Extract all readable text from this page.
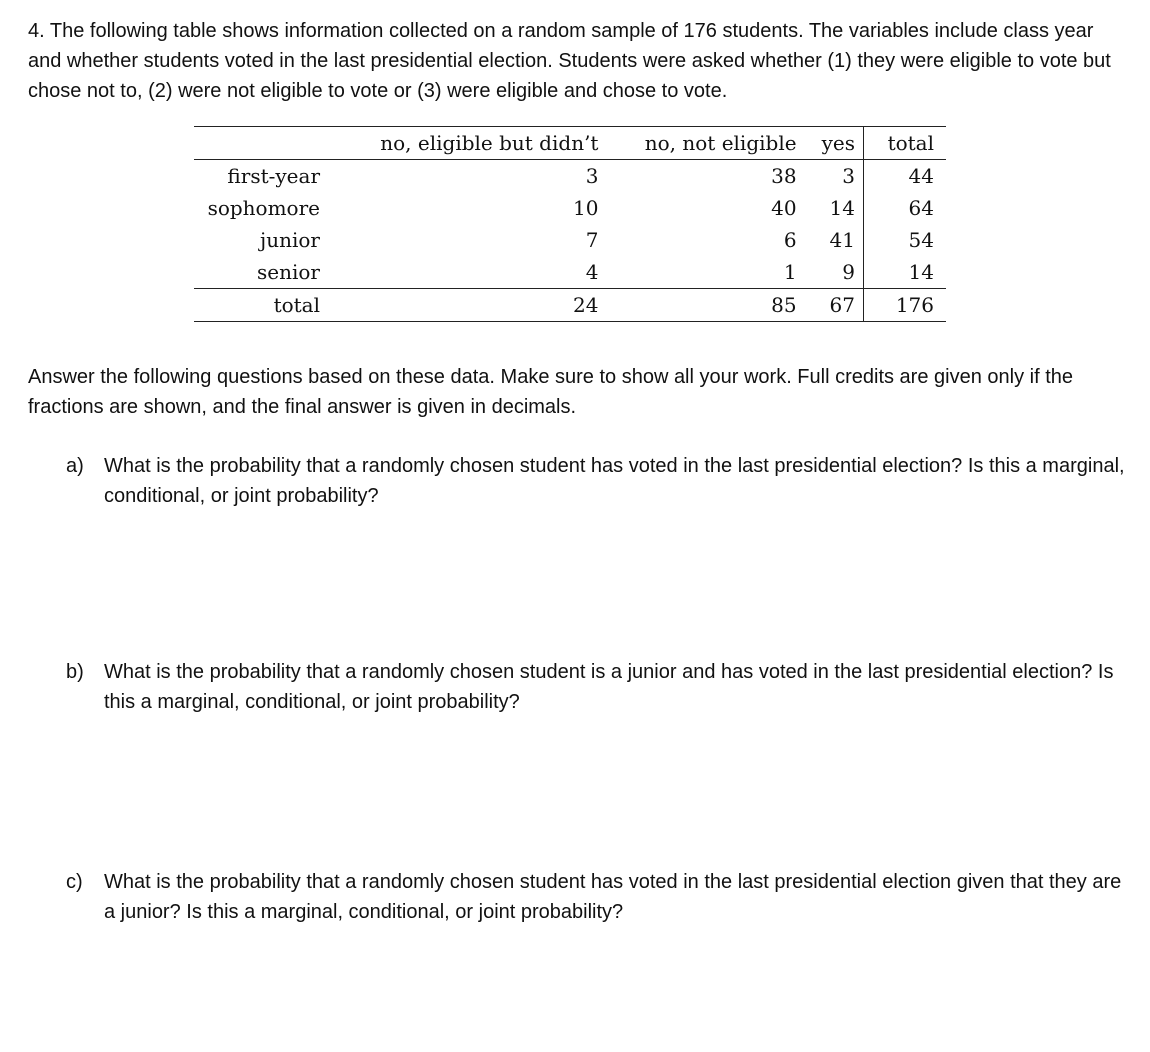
4. The following table shows information collected on a random sample of 176 students. The variables include class year and whether students voted in the last presidential election. Students were asked whether (1) they were eligible to vote but chose not to, (2) were not eligible to vote or (3) were eligible and chose to vote.

	no, eligible but didn’t	no, not eligible	yes	total
first-year	3	38	3	44
sophomore	10	40	14	64
junior	7	6	41	54
senior	4	1	9	14
total	24	85	67	176

Answer the following questions based on these data. Make sure to show all your work. Full credits are given only if the fractions are shown, and the final answer is given in decimals.

a)	What is the probability that a randomly chosen student has voted in the last presidential election? Is this a marginal, conditional, or joint probability?
b)	What is the probability that a randomly chosen student is a junior and has voted in the last presidential election? Is this a marginal, conditional, or joint probability?
c)	What is the probability that a randomly chosen student has voted in the last presidential election given that they are a junior? Is this a marginal, conditional, or joint probability?
